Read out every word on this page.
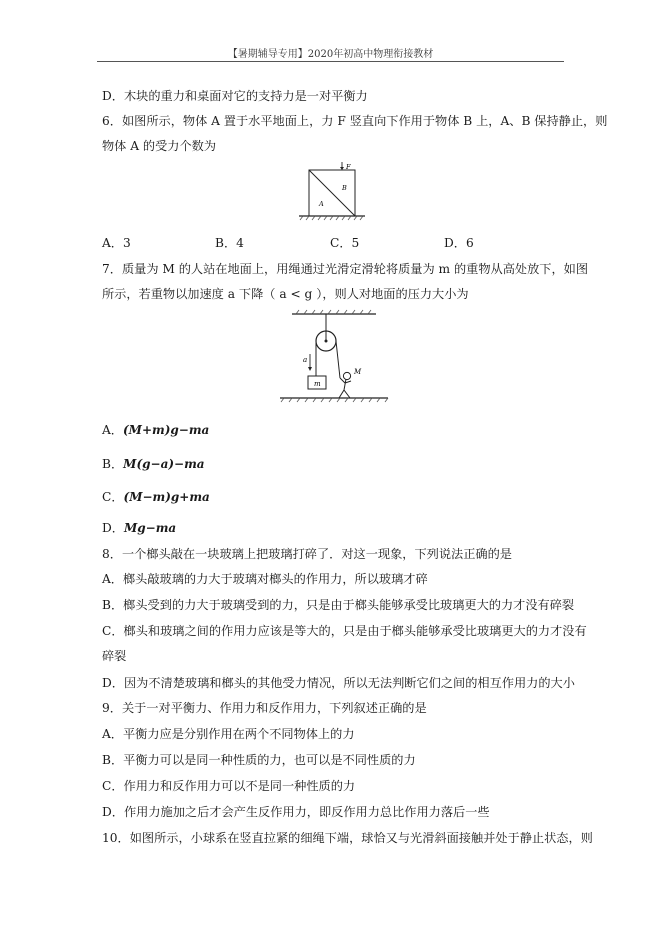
【暑期辅导专用】2020年初高中物理衔接教材
D．木块的重力和桌面对它的支持力是一对平衡力
6．如图所示，物体 A 置于水平地面上，力 F 竖直向下作用于物体 B 上，A、B 保持静止，则
物体 A 的受力个数为
F
B
A
A．3	B．4	C．5	D．6
7．质量为 M 的人站在地面上，用绳通过光滑定滑轮将质量为 m 的重物从高处放下，如图
所示，若重物以加速度 a 下降（ a < g ），则人对地面的压力大小为
m
a
M
A．(M+m)g−ma
B．M(g−a)−ma
C．(M−m)g+ma
D．Mg−ma
8．一个榔头敲在一块玻璃上把玻璃打碎了．对这一现象，下列说法正确的是
A．榔头敲玻璃的力大于玻璃对榔头的作用力，所以玻璃才碎
B．榔头受到的力大于玻璃受到的力，只是由于榔头能够承受比玻璃更大的力才没有碎裂
C．榔头和玻璃之间的作用力应该是等大的，只是由于榔头能够承受比玻璃更大的力才没有
碎裂
D．因为不清楚玻璃和榔头的其他受力情况，所以无法判断它们之间的相互作用力的大小
9．关于一对平衡力、作用力和反作用力，下列叙述正确的是
A．平衡力应是分别作用在两个不同物体上的力
B．平衡力可以是同一种性质的力，也可以是不同性质的力
C．作用力和反作用力可以不是同一种性质的力
D．作用力施加之后才会产生反作用力，即反作用力总比作用力落后一些
10．如图所示，小球系在竖直拉紧的细绳下端，球恰又与光滑斜面接触并处于静止状态，则
